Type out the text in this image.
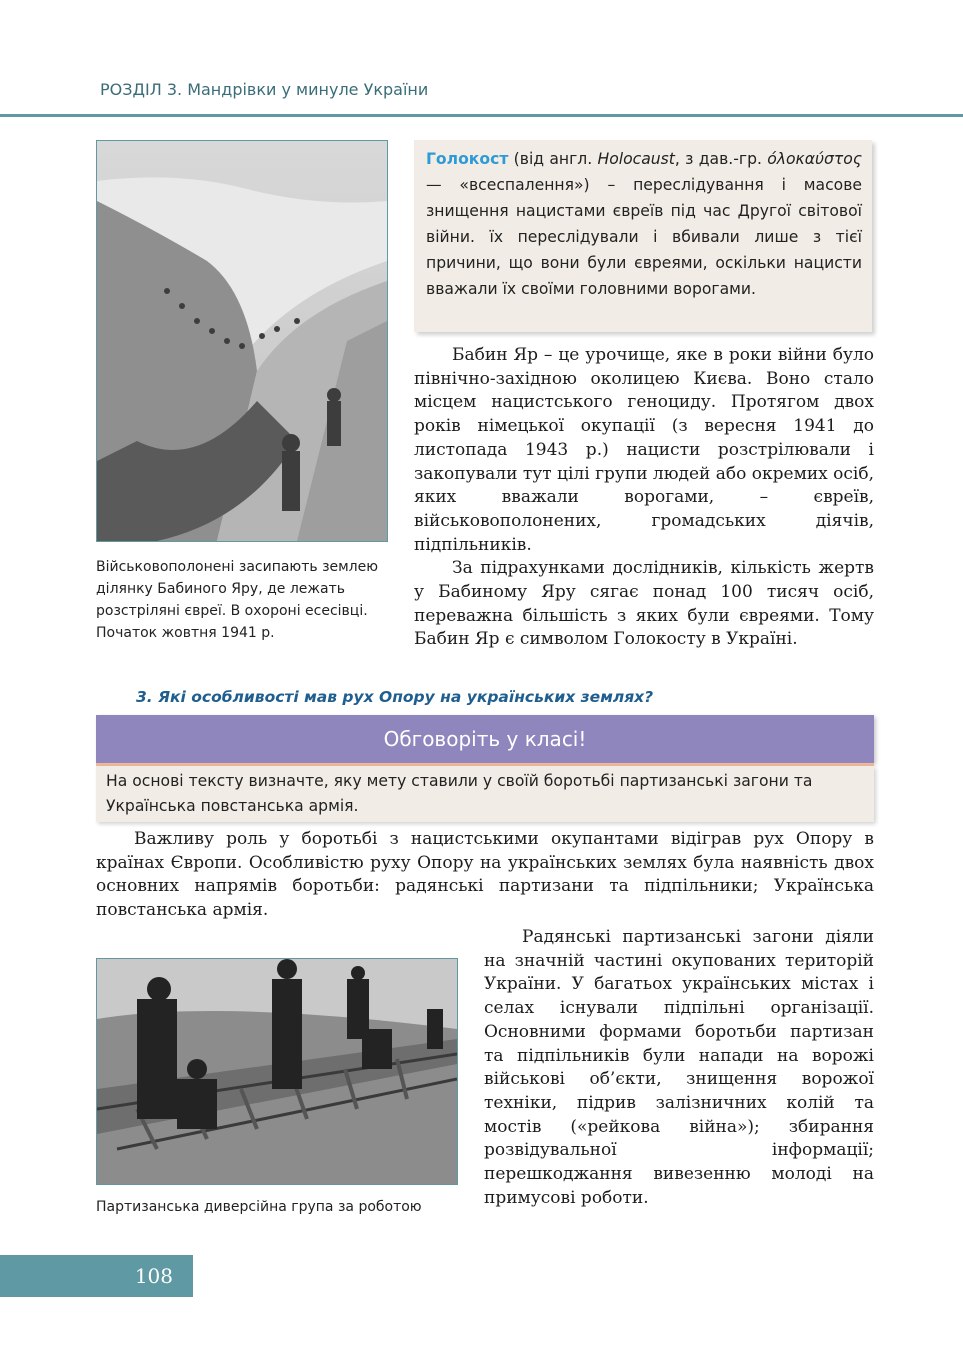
РОЗДІЛ 3. Мандрівки у минуле України
Військовополонені засипають землею
ділянку Бабиного Яру, де лежать
розстріляні євреї. В охороні есесівці.
Початок жовтня 1941 р.
Голокост (від англ. Holocaust, з дав.-гр. όλοκαύστος — «всеспалення») – переслідування і масове знищення нацистами євреїв під час Другої світової війни. їх переслідували і вбивали лише з тієї причини, що вони були євреями, оскільки нацисти вважали їх своїми головними ворогами.

Бабин Яр – це урочище, яке в роки війни було північно-західною околицею Києва. Воно стало місцем нацистського геноциду. Протягом двох років німецької окупації (з вересня 1941 до листопада 1943 р.) нацисти розстрілювали і закопували тут цілі групи людей або окремих осіб, яких вважали ворогами, – євреїв, військовополонених, громадських діячів, підпільників.

За підрахунками дослідників, кількість жертв у Бабиному Яру сягає понад 100 тисяч осіб, переважна більшість з яких були євреями. Тому Бабин Яр є символом Голокосту в Україні.

3. Які особливості мав рух Опору на українських землях?
Обговоріть у класі!
На основі тексту визначте, яку мету ставили у своїй боротьбі партизанські загони та Українська повстанська армія.

Важливу роль у боротьбі з нацистськими окупантами відіграв рух Опору в країнах Європи. Особливістю руху Опору на українських землях була наявність двох основних напрямів боротьби: радянські партизани та підпільники; Українська повстанська армія.

Партизанська диверсійна група за роботою

Радянські партизанські загони діяли на значній частині окупованих територій України. У багатьох українських містах і селах існували підпільні організації. Основними формами боротьби партизан та підпільників були напади на ворожі військові об’єкти, знищення ворожої техніки, підрив залізничних колій та мостів («рейкова війна»); збирання розвідувальної інформації; перешкоджання вивезенню молоді на примусові роботи.

108
